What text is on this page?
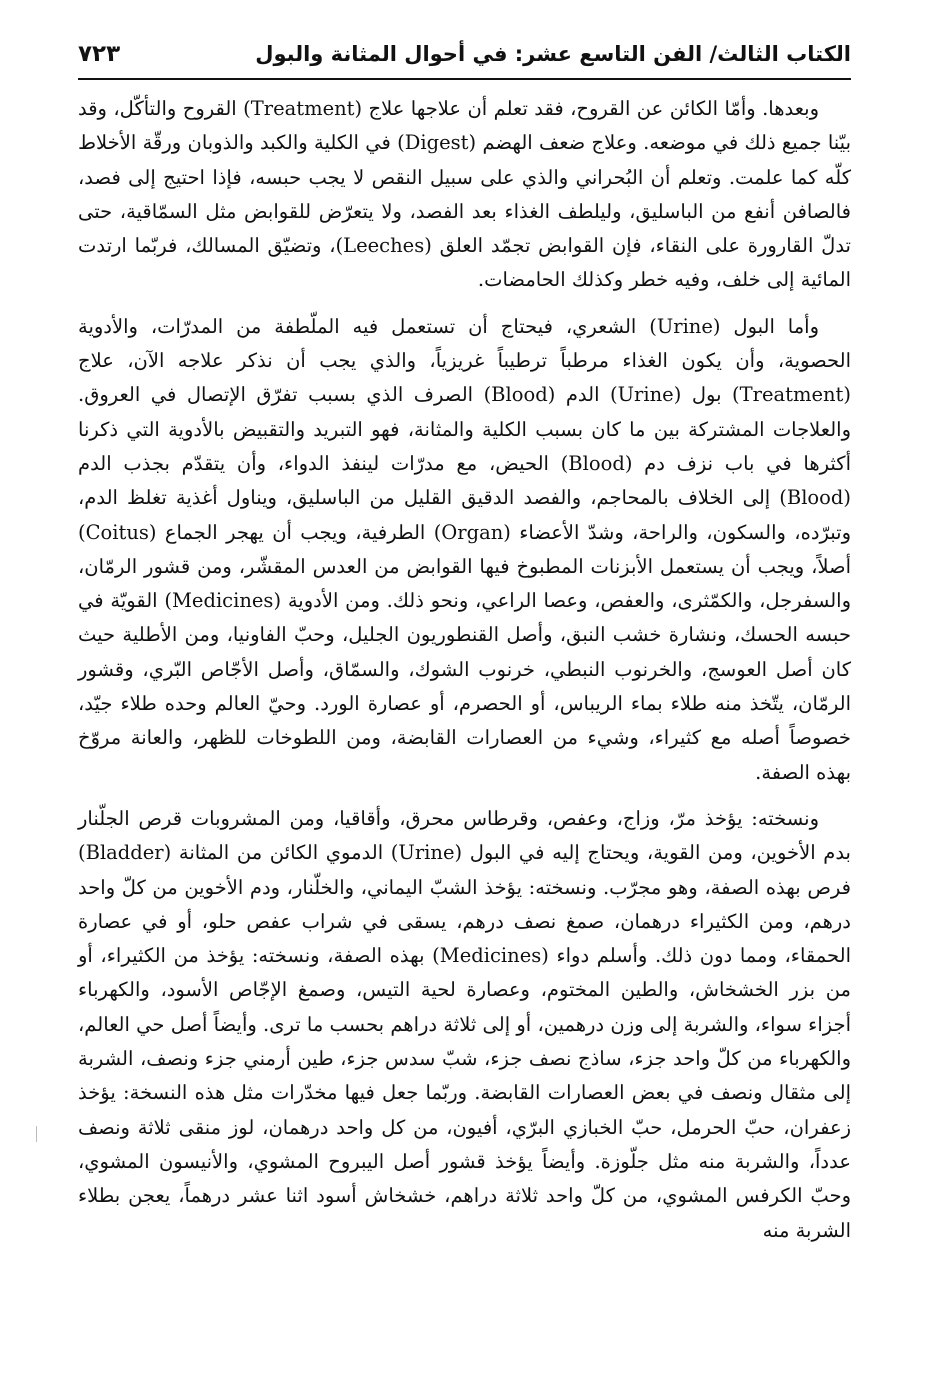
الكتاب الثالث/ الفن التاسع عشر: في أحوال المثانة والبول
٧٢٣

وبعدها. وأمّا الكائن عن القروح، فقد تعلم أن علاجها علاج (Treatment) القروح والتأكّل، وقد بيّنا جميع ذلك في موضعه. وعلاج ضعف الهضم (Digest) في الكلية والكبد والذوبان ورقّة الأخلاط كلّه كما علمت. وتعلم أن البُحراني والذي على سبيل النقص لا يجب حبسه، فإذا احتيج إلى فصد، فالصافن أنفع من الباسليق، وليلطف الغذاء بعد الفصد، ولا يتعرّض للقوابض مثل السمّاقية، حتى تدلّ القارورة على النقاء، فإن القوابض تجمّد العلق (Leeches)، وتضيّق المسالك، فربّما ارتدت المائية إلى خلف، وفيه خطر وكذلك الحامضات.

وأما البول (Urine) الشعري، فيحتاج أن تستعمل فيه الملّطفة من المدرّات، والأدوية الحصوية، وأن يكون الغذاء مرطباً ترطيباً غريزياً، والذي يجب أن نذكر علاجه الآن، علاج (Treatment) بول (Urine) الدم (Blood) الصرف الذي بسبب تفرّق الإتصال في العروق. والعلاجات المشتركة بين ما كان بسبب الكلية والمثانة، فهو التبريد والتقبيض بالأدوية التي ذكرنا أكثرها في باب نزف دم (Blood) الحيض، مع مدرّات لينفذ الدواء، وأن يتقدّم بجذب الدم (Blood) إلى الخلاف بالمحاجم، والفصد الدقيق القليل من الباسليق، ويناول أغذية تغلظ الدم، وتبرّده، والسكون، والراحة، وشدّ الأعضاء (Organ) الطرفية، ويجب أن يهجر الجماع (Coitus) أصلاً، ويجب أن يستعمل الأبزنات المطبوخ فيها القوابض من العدس المقشّر، ومن قشور الرمّان، والسفرجل، والكمّثرى، والعفص، وعصا الراعي، ونحو ذلك. ومن الأدوية (Medicines) القويّة في حبسه الحسك، ونشارة خشب النبق، وأصل القنطوريون الجليل، وحبّ الفاونيا، ومن الأطلية حيث كان أصل العوسج، والخرنوب النبطي، خرنوب الشوك، والسمّاق، وأصل الأجّاص البّري، وقشور الرمّان، يتّخذ منه طلاء بماء الريباس، أو الحصرم، أو عصارة الورد. وحيّ العالم وحده طلاء جيّد، خصوصاً أصله مع كثيراء، وشيء من العصارات القابضة، ومن اللطوخات للظهر، والعانة مروّخ بهذه الصفة.

ونسخته: يؤخذ مرّ، وزاج، وعفص، وقرطاس محرق، وأقاقيا، ومن المشروبات قرص الجلّنار بدم الأخوين، ومن القوية، ويحتاج إليه في البول (Urine) الدموي الكائن من المثانة (Bladder) فرص بهذه الصفة، وهو مجرّب. ونسخته: يؤخذ الشبّ اليماني، والخلّنار، ودم الأخوين من كلّ واحد درهم، ومن الكثيراء درهمان، صمغ نصف درهم، يسقى في شراب عفص حلو، أو في عصارة الحمقاء، ومما دون ذلك. وأسلم دواء (Medicines) بهذه الصفة، ونسخته: يؤخذ من الكثيراء، أو من بزر الخشخاش، والطين المختوم، وعصارة لحية التيس، وصمغ الإجّاص الأسود، والكهرباء أجزاء سواء، والشربة إلى وزن درهمين، أو إلى ثلاثة دراهم بحسب ما ترى. وأيضاً أصل حي العالم، والكهرباء من كلّ واحد جزء، ساذج نصف جزء، شبّ سدس جزء، طين أرمني جزء ونصف، الشربة إلى مثقال ونصف في بعض العصارات القابضة. وربّما جعل فيها مخدّرات مثل هذه النسخة: يؤخذ زعفران، حبّ الحرمل، حبّ الخبازي البرّي، أفيون، من كل واحد درهمان، لوز منقى ثلاثة ونصف عدداً، والشربة منه مثل جلّوزة. وأيضاً يؤخذ قشور أصل اليبروح المشوي، والأنيسون المشوي، وحبّ الكرفس المشوي، من كلّ واحد ثلاثة دراهم، خشخاش أسود اثنا عشر درهماً، يعجن بطلاء الشربة منه
